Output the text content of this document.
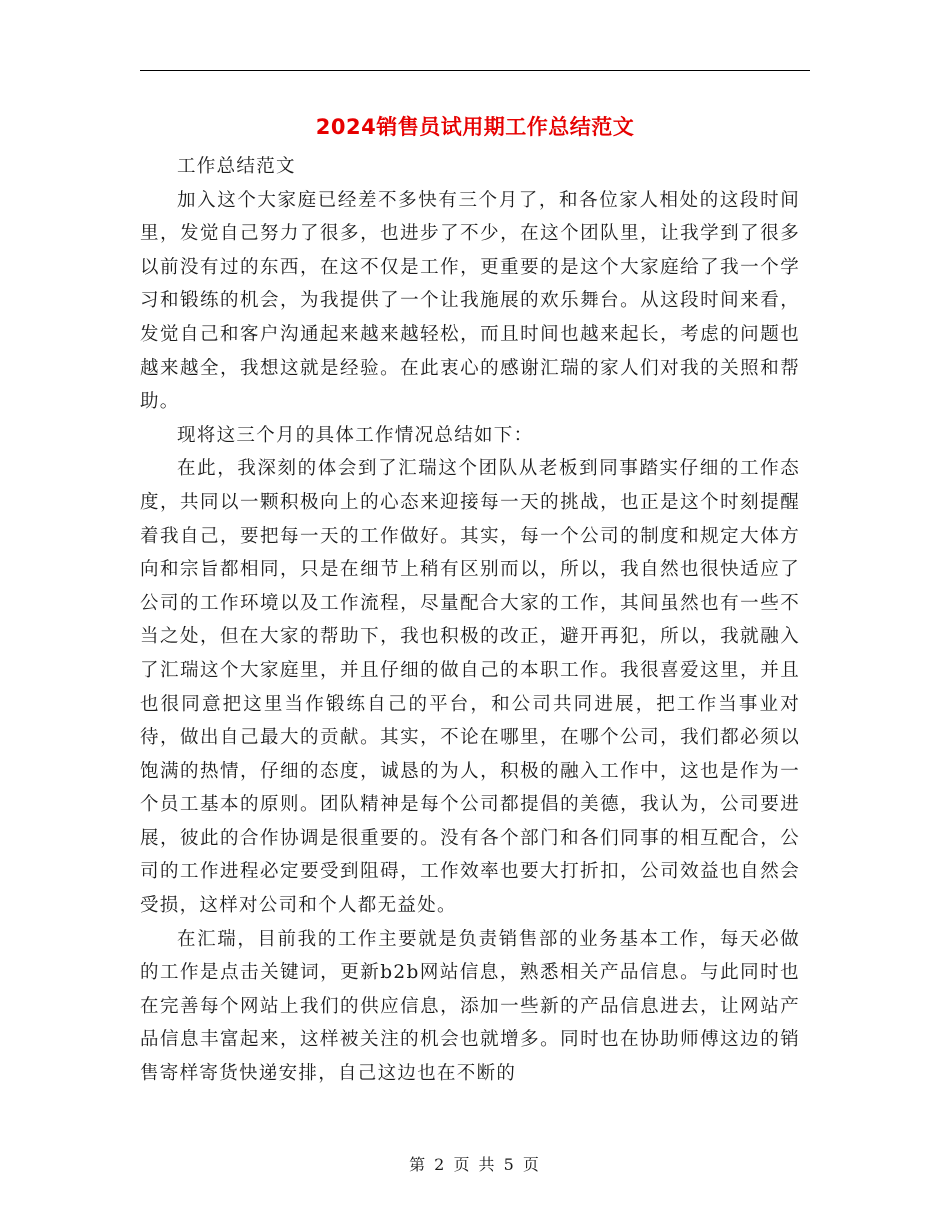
2024销售员试用期工作总结范文

工作总结范文

加入这个大家庭已经差不多快有三个月了，和各位家人相处的这段时间里，发觉自己努力了很多，也进步了不少，在这个团队里，让我学到了很多以前没有过的东西，在这不仅是工作，更重要的是这个大家庭给了我一个学习和锻练的机会，为我提供了一个让我施展的欢乐舞台。从这段时间来看，发觉自己和客户沟通起来越来越轻松，而且时间也越来起长，考虑的问题也越来越全，我想这就是经验。在此衷心的感谢汇瑞的家人们对我的关照和帮助。

现将这三个月的具体工作情况总结如下：

在此，我深刻的体会到了汇瑞这个团队从老板到同事踏实仔细的工作态度，共同以一颗积极向上的心态来迎接每一天的挑战，也正是这个时刻提醒着我自己，要把每一天的工作做好。其实，每一个公司的制度和规定大体方向和宗旨都相同，只是在细节上稍有区别而以，所以，我自然也很快适应了公司的工作环境以及工作流程，尽量配合大家的工作，其间虽然也有一些不当之处，但在大家的帮助下，我也积极的改正，避开再犯，所以，我就融入了汇瑞这个大家庭里，并且仔细的做自己的本职工作。我很喜爱这里，并且也很同意把这里当作锻练自己的平台，和公司共同进展，把工作当事业对待，做出自己最大的贡献。其实，不论在哪里，在哪个公司，我们都必须以饱满的热情，仔细的态度，诚恳的为人，积极的融入工作中，这也是作为一个员工基本的原则。团队精神是每个公司都提倡的美德，我认为，公司要进展，彼此的合作协调是很重要的。没有各个部门和各们同事的相互配合，公司的工作进程必定要受到阻碍，工作效率也要大打折扣，公司效益也自然会受损，这样对公司和个人都无益处。

在汇瑞，目前我的工作主要就是负责销售部的业务基本工作，每天必做的工作是点击关键词，更新b2b网站信息，熟悉相关产品信息。与此同时也在完善每个网站上我们的供应信息，添加一些新的产品信息进去，让网站产品信息丰富起来，这样被关注的机会也就增多。同时也在协助师傅这边的销售寄样寄货快递安排，自己这边也在不断的

第 2 页 共 5 页
